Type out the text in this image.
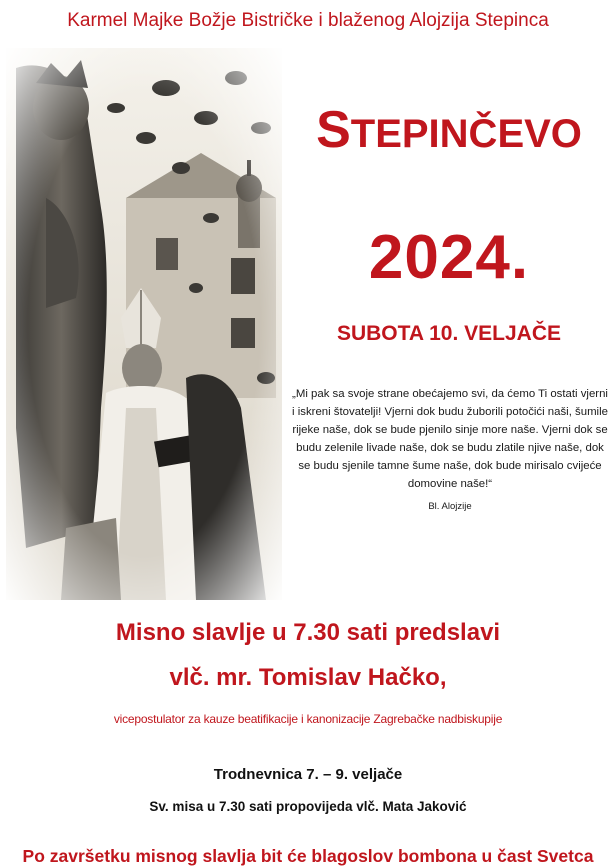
Karmel Majke Božje Bistričke i blaženog Alojzija Stepinca
STEPINČEVO
2024.
SUBOTA 10. VELJAČE
„Mi pak sa svoje strane obećajemo svi, da ćemo Ti ostati vjerni i iskreni štovatelji! Vjerni dok budu žuborili potočići naši, šumile rijeke naše, dok se bude pjenilo sinje more naše. Vjerni dok se budu zelenile livade naše, dok se budu zlatile njive naše, dok se budu sjenile tamne šume naše, dok bude mirisalo cvijeće domovine naše!“
Bl. Alojzije
Misno slavlje u 7.30 sati predslavi
vlč. mr. Tomislav Hačko,
vicepostulator za kauze beatifikacije i kanonizacije Zagrebačke nadbiskupije
Trodnevnica 7. – 9. veljače
Sv. misa u 7.30 sati propovijeda vlč. Mata Jaković
Po završetku misnog slavlja bit će blagoslov bombona u čast Svetca
